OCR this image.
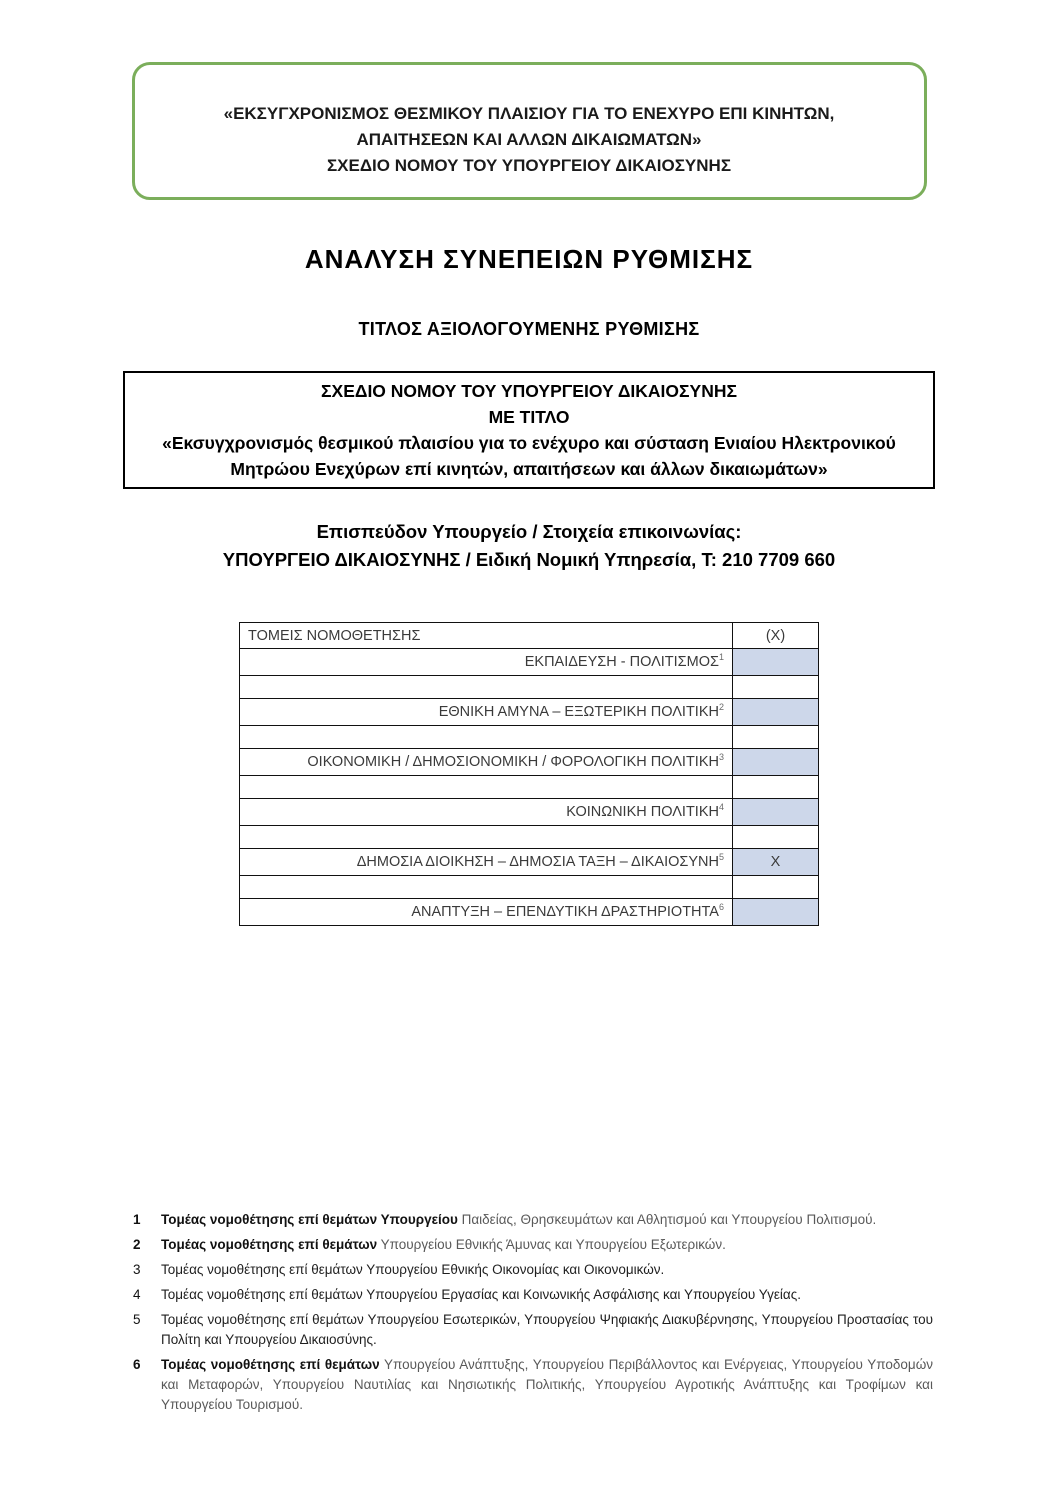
«ΕΚΣΥΓΧΡΟΝΙΣΜΟΣ ΘΕΣΜΙΚΟΥ ΠΛΑΙΣΙΟΥ ΓΙΑ ΤΟ ΕΝΕΧΥΡΟ ΕΠΙ ΚΙΝΗΤΩΝ,
ΑΠΑΙΤΗΣΕΩΝ ΚΑΙ ΑΛΛΩΝ ΔΙΚΑΙΩΜΑΤΩΝ»
ΣΧΕΔΙΟ ΝΟΜΟΥ ΤΟΥ ΥΠΟΥΡΓΕΙΟΥ ΔΙΚΑΙΟΣΥΝΗΣ
ΑΝΑΛΥΣΗ ΣΥΝΕΠΕΙΩΝ ΡΥΘΜΙΣΗΣ
ΤΙΤΛΟΣ ΑΞΙΟΛΟΓΟΥΜΕΝΗΣ ΡΥΘΜΙΣΗΣ
ΣΧΕΔΙΟ ΝΟΜΟΥ ΤΟΥ ΥΠΟΥΡΓΕΙΟΥ ΔΙΚΑΙΟΣΥΝΗΣ
ΜΕ ΤΙΤΛΟ
«Εκσυγχρονισμός θεσμικού πλαισίου για το ενέχυρο και σύσταση Ενιαίου Ηλεκτρονικού
Μητρώου Ενεχύρων επί κινητών, απαιτήσεων και άλλων δικαιωμάτων»
Επισπεύδον Υπουργείο / Στοιχεία επικοινωνίας:
ΥΠΟΥΡΓΕΙΟ ΔΙΚΑΙΟΣΥΝΗΣ / Ειδική Νομική Υπηρεσία, Τ: 210 7709 660
ΤΟΜΕΙΣ ΝΟΜΟΘΕΤΗΣΗΣ	(Χ)
ΕΚΠΑΙΔΕΥΣΗ - ΠΟΛΙΤΙΣΜΟΣ$^1$	

ΕΘΝΙΚΗ ΑΜΥΝΑ – ΕΞΩΤΕΡΙΚΗ ΠΟΛΙΤΙΚΗ$^2$	

ΟΙΚΟΝΟΜΙΚΗ / ΔΗΜΟΣΙΟΝΟΜΙΚΗ / ΦΟΡΟΛΟΓΙΚΗ ΠΟΛΙΤΙΚΗ$^3$	

ΚΟΙΝΩΝΙΚΗ ΠΟΛΙΤΙΚΗ$^4$	

ΔΗΜΟΣΙΑ ΔΙΟΙΚΗΣΗ – ΔΗΜΟΣΙΑ ΤΑΞΗ – ΔΙΚΑΙΟΣΥΝΗ$^5$	Χ

ΑΝΑΠΤΥΞΗ – ΕΠΕΝΔΥΤΙΚΗ ΔΡΑΣΤΗΡΙΟΤΗΤΑ$^6$	
1	Τομέας νομοθέτησης επί θεμάτων Υπουργείου Παιδείας, Θρησκευμάτων και Αθλητισμού και Υπουργείου Πολιτισμού.
2	Τομέας νομοθέτησης επί θεμάτων Υπουργείου Εθνικής Άμυνας και Υπουργείου Εξωτερικών.
3	Τομέας νομοθέτησης επί θεμάτων Υπουργείου Εθνικής Οικονομίας και Οικονομικών.
4	Τομέας νομοθέτησης επί θεμάτων Υπουργείου Εργασίας και Κοινωνικής Ασφάλισης και Υπουργείου Υγείας.
5	Τομέας νομοθέτησης επί θεμάτων Υπουργείου Εσωτερικών, Υπουργείου Ψηφιακής Διακυβέρνησης, Υπουργείου Προστασίας του Πολίτη και Υπουργείου Δικαιοσύνης.
6	Τομέας νομοθέτησης επί θεμάτων Υπουργείου Ανάπτυξης, Υπουργείου Περιβάλλοντος και Ενέργειας, Υπουργείου Υποδομών και Μεταφορών, Υπουργείου Ναυτιλίας και Νησιωτικής Πολιτικής, Υπουργείου Αγροτικής Ανάπτυξης και Τροφίμων και Υπουργείου Τουρισμού.
